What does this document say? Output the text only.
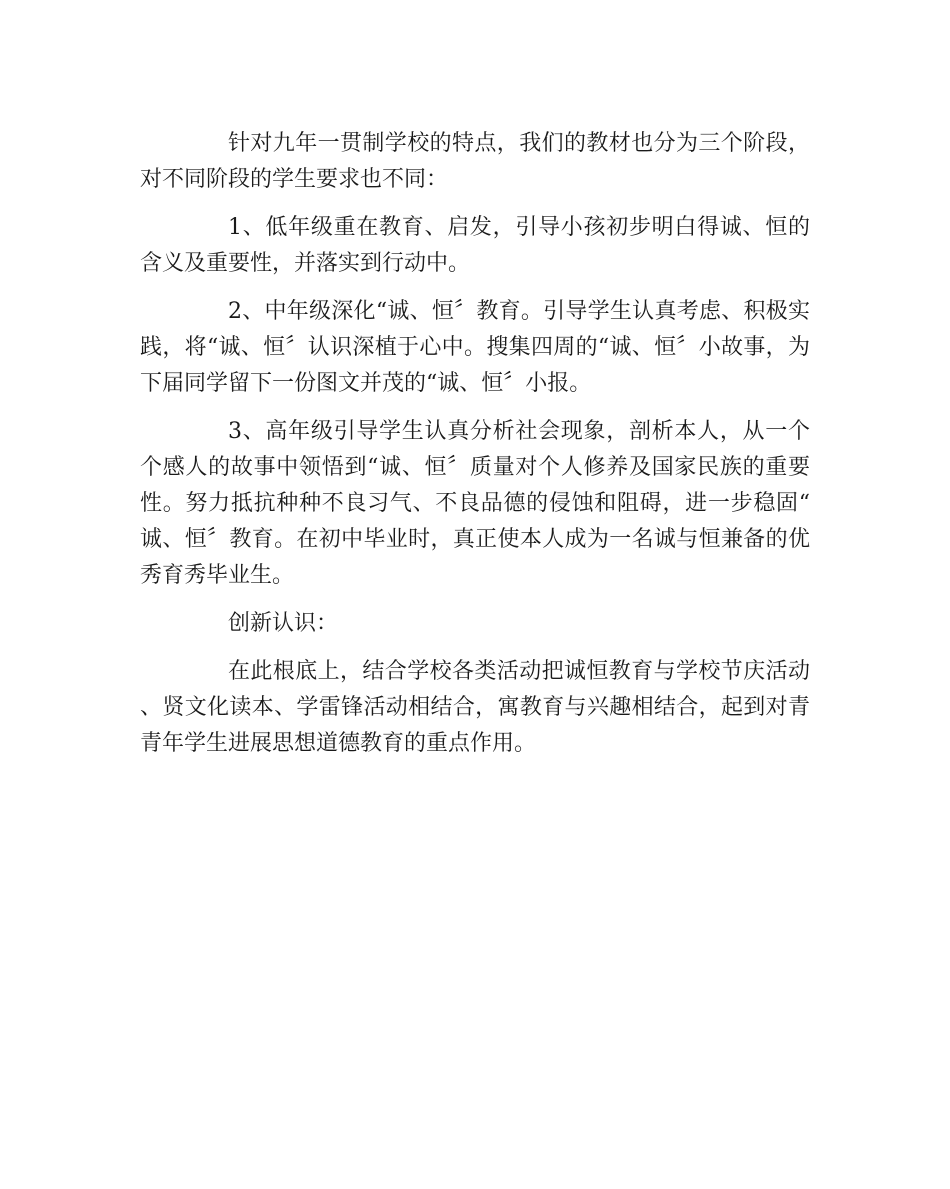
针对九年一贯制学校的特点，我们的教材也分为三个阶段，对不同阶段的学生要求也不同：

1、低年级重在教育、启发，引导小孩初步明白得诚、恒的含义及重要性，并落实到行动中。

2、中年级深化“诚、恒〞教育。引导学生认真考虑、积极实践，将“诚、恒〞认识深植于心中。搜集四周的“诚、恒〞小故事，为下届同学留下一份图文并茂的“诚、恒〞小报。

3、高年级引导学生认真分析社会现象，剖析本人，从一个个感人的故事中领悟到“诚、恒〞质量对个人修养及国家民族的重要性。努力抵抗种种不良习气、不良品德的侵蚀和阻碍，进一步稳固“诚、恒〞教育。在初中毕业时，真正使本人成为一名诚与恒兼备的优秀育秀毕业生。

创新认识：

在此根底上，结合学校各类活动把诚恒教育与学校节庆活动、贤文化读本、学雷锋活动相结合，寓教育与兴趣相结合，起到对青青年学生进展思想道德教育的重点作用。
